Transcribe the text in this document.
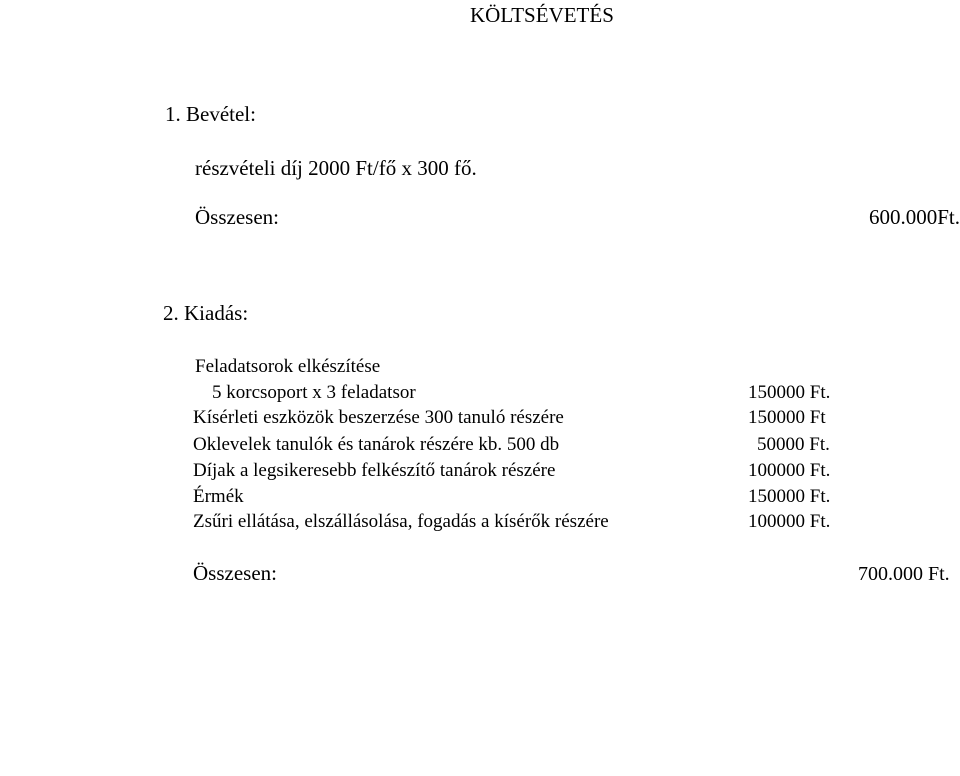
KÖLTSÉVETÉS
1. Bevétel:
részvételi díj 2000 Ft/fő x 300 fő.
Összesen:	600.000Ft.
2. Kiadás:
Feladatsorok elkészítése
5 korcsoport x 3 feladatsor	150000 Ft.
Kísérleti eszközök beszerzése 300 tanuló részére	150000 Ft
Oklevelek tanulók és tanárok részére kb. 500 db	50000 Ft.
Díjak a legsikeresebb felkészítő tanárok részére	100000 Ft.
Érmék	150000 Ft.
Zsűri ellátása, elszállásolása, fogadás a kísérők részére	100000 Ft.
Összesen:	700.000 Ft.
